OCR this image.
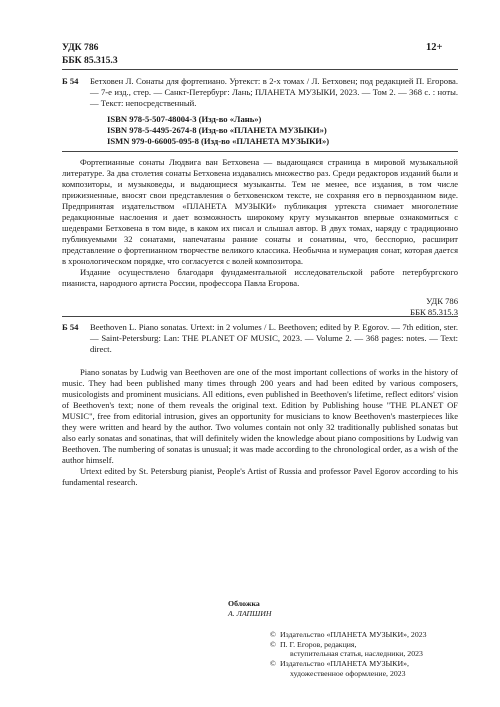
УДК 786
ББК 85.315.3
12+
Б 54 Бетховен Л. Сонаты для фортепиано. Уртекст: в 2-х томах / Л. Бетховен; под редакцией П. Егорова. — 7-е изд., стер. — Санкт-Петербург: Лань; ПЛАНЕТА МУЗЫКИ, 2023. — Том 2. — 368 с. : ноты. — Текст: непосредственный.
ISBN 978-5-507-48004-3 (Изд-во «Лань»)
ISBN 978-5-4495-2674-8 (Изд-во «ПЛАНЕТА МУЗЫКИ»)
ISMN 979-0-66005-095-8 (Изд-во «ПЛАНЕТА МУЗЫКИ»)

Фортепианные сонаты Людвига ван Бетховена — выдающаяся страница в мировой музыкальной литературе. За два столетия сонаты Бетховена издавались множество раз. Среди редакторов изданий были и композиторы, и музыковеды, и выдающиеся музыканты. Тем не менее, все издания, в том числе прижизненные, вносят свои представления о бетховенском тексте, не сохраняя его в первозданном виде. Предпринятая издательством «ПЛАНЕТА МУЗЫКИ» публикация уртекста снимает многолетние редакционные наслоения и дает возможность широкому кругу музыкантов впервые ознакомиться с шедеврами Бетховена в том виде, в каком их писал и слышал автор. В двух томах, наряду с традиционно публикуемыми 32 сонатами, напечатаны ранние сонаты и сонатины, что, бесспорно, расширит представление о фортепианном творчестве великого классика. Необычна и нумерация сонат, которая дается в хронологическом порядке, что согласуется с волей композитора.

Издание осуществлено благодаря фундаментальной исследовательской работе петербургского пианиста, народного артиста России, профессора Павла Егорова.

УДК 786
ББК 85.315.3
Б 54 Beethoven L. Piano sonatas. Urtext: in 2 volumes / L. Beethoven; edited by P. Egorov. — 7th edition, ster. — Saint-Petersburg: Lan: THE PLANET OF MUSIC, 2023. — Volume 2. — 368 pages: notes. — Text: direct.

Piano sonatas by Ludwig van Beethoven are one of the most important collections of works in the history of music. They had been published many times through 200 years and had been edited by various composers, musicologists and prominent musicians. All editions, even published in Beethoven's lifetime, reflect editors' vision of Beethoven's text; none of them reveals the original text. Edition by Publishing house "THE PLANET OF MUSIC", free from editorial intrusion, gives an opportunity for musicians to know Beethoven's masterpieces like they were written and heard by the author. Two volumes contain not only 32 traditionally published sonatas but also early sonatas and sonatinas, that will definitely widen the knowledge about piano compositions by Ludwig van Beethoven. The numbering of sonatas is unusual; it was made according to the chronological order, as a wish of the author himself.

Urtext edited by St. Petersburg pianist, People's Artist of Russia and professor Pavel Egorov according to his fundamental research.

Обложка
А. ЛАПШИН
© Издательство «ПЛАНЕТА МУЗЫКИ», 2023
© П. Г. Егоров, редакция,
вступительная статья, наследники, 2023
© Издательство «ПЛАНЕТА МУЗЫКИ»,
художественное оформление, 2023
